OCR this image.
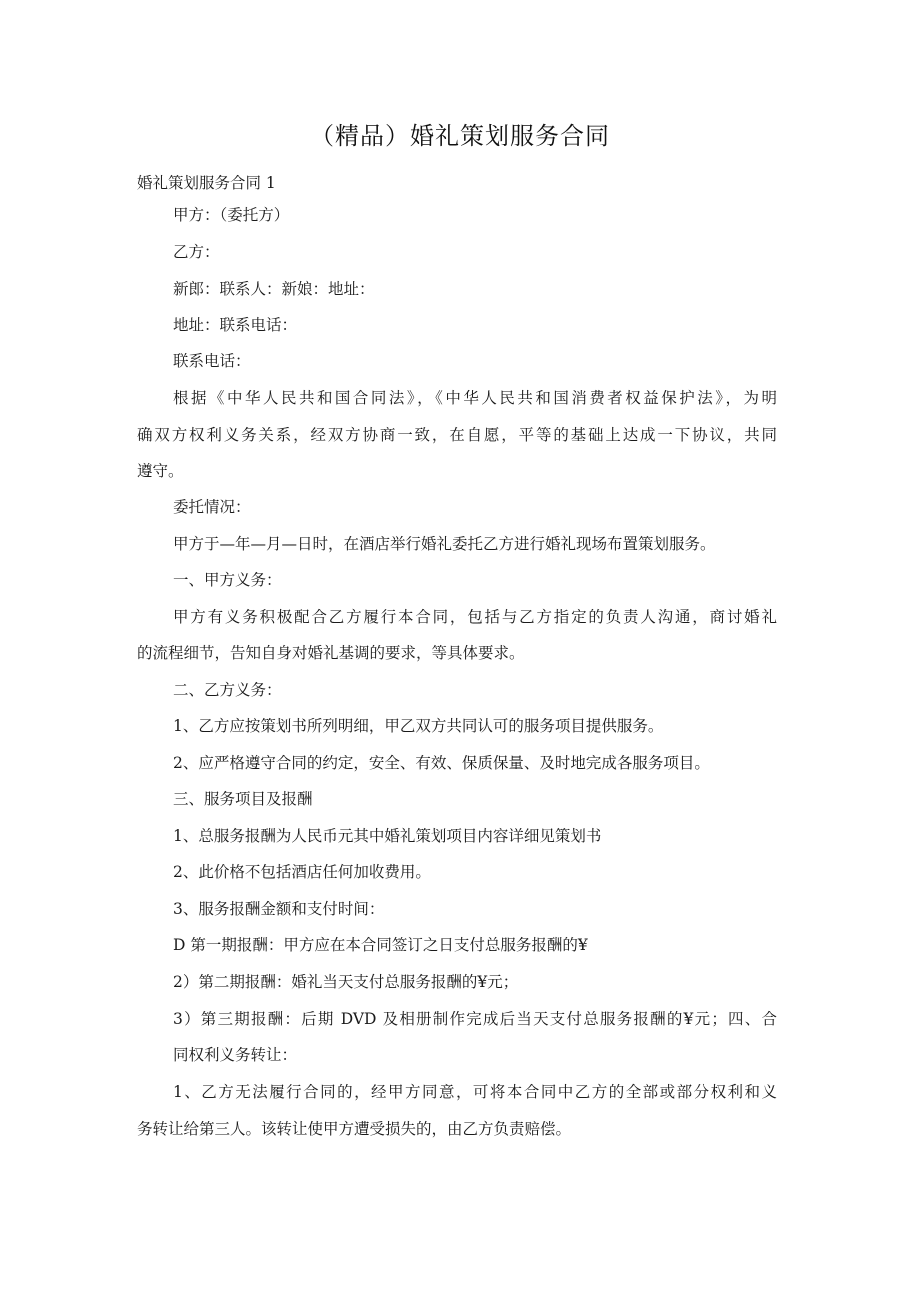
（精品）婚礼策划服务合同
婚礼策划服务合同 1
甲方：（委托方）
乙方：
新郎：联系人：新娘：地址：
地址：联系电话：
联系电话：
根据《中华人民共和国合同法》，《中华人民共和国消费者权益保护法》，为明
确双方权利义务关系，经双方协商一致，在自愿，平等的基础上达成一下协议，共同
遵守。
委托情况：
甲方于—年—月—日时，在酒店举行婚礼委托乙方进行婚礼现场布置策划服务。
一、甲方义务：
甲方有义务积极配合乙方履行本合同，包括与乙方指定的负责人沟通，商讨婚礼
的流程细节，告知自身对婚礼基调的要求，等具体要求。
二、乙方义务：
1、乙方应按策划书所列明细，甲乙双方共同认可的服务项目提供服务。
2、应严格遵守合同的约定，安全、有效、保质保量、及时地完成各服务项目。
三、服务项目及报酬
1、总服务报酬为人民币元其中婚礼策划项目内容详细见策划书
2、此价格不包括酒店任何加收费用。
3、服务报酬金额和支付时间：
D 第一期报酬：甲方应在本合同签订之日支付总服务报酬的¥
2）第二期报酬：婚礼当天支付总服务报酬的¥元；
3）第三期报酬：后期 DVD 及相册制作完成后当天支付总服务报酬的¥元；四、合
同权利义务转让：
1、乙方无法履行合同的，经甲方同意，可将本合同中乙方的全部或部分权利和义
务转让给第三人。该转让使甲方遭受损失的，由乙方负责赔偿。
